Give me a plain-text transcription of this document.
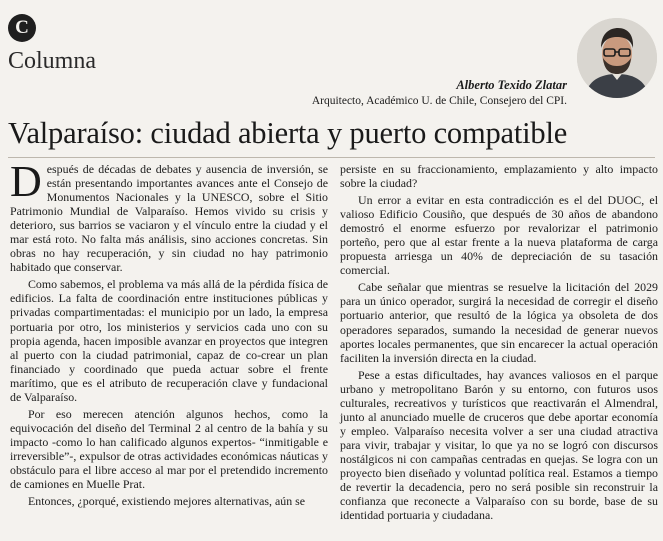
C
Columna
Alberto Texido Zlatar
Arquitecto, Académico U. de Chile, Consejero del CPI.
Valparaíso: ciudad abierta y puerto compatible

Después de décadas de debates y ausencia de inversión, se están presentando importantes avances ante el Consejo de Monumentos Nacionales y la UNESCO, sobre el Sitio Patrimonio Mundial de Valparaíso. Hemos vivido su crisis y deterioro, sus barrios se vaciaron y el vínculo entre la ciudad y el mar está roto. No falta más análisis, sino acciones concretas. Sin obras no hay recuperación, y sin ciudad no hay patrimonio habitado que conservar.

Como sabemos, el problema va más allá de la pérdida física de edificios. La falta de coordinación entre instituciones públicas y privadas compartimentadas: el municipio por un lado, la empresa portuaria por otro, los ministerios y servicios cada uno con su propia agenda, hacen imposible avanzar en proyectos que integren al puerto con la ciudad patrimonial, capaz de co-crear un plan financiado y coordinado que pueda actuar sobre el frente marítimo, que es el atributo de recuperación clave y fundacional de Valparaíso.

Por eso merecen atención algunos hechos, como la equivocación del diseño del Terminal 2 al centro de la bahía y su impacto -como lo han calificado algunos expertos- “inmitigable e irreversible”-, expulsor de otras actividades económicas náuticas y obstáculo para el libre acceso al mar por el pretendido incremento de camiones en Muelle Prat.

Entonces, ¿porqué, existiendo mejores alternativas, aún se

persiste en su fraccionamiento, emplazamiento y alto impacto sobre la ciudad?

Un error a evitar en esta contradicción es el del DUOC, el valioso Edificio Cousiño, que después de 30 años de abandono demostró el enorme esfuerzo por revalorizar el patrimonio porteño, pero que al estar frente a la nueva plataforma de carga propuesta arriesga un 40% de depreciación de su tasación comercial.

Cabe señalar que mientras se resuelve la licitación del 2029 para un único operador, surgirá la necesidad de corregir el diseño portuario anterior, que resultó de la lógica ya obsoleta de dos operadores separados, sumando la necesidad de generar nuevos aportes locales permanentes, que sin encarecer la actual operación faciliten la inversión directa en la ciudad.

Pese a estas dificultades, hay avances valiosos en el parque urbano y metropolitano Barón y su entorno, con futuros usos culturales, recreativos y turísticos que reactivarán el Almendral, junto al anunciado muelle de cruceros que debe aportar economía y empleo. Valparaíso necesita volver a ser una ciudad atractiva para vivir, trabajar y visitar, lo que ya no se logró con discursos nostálgicos ni con campañas centradas en quejas. Se logra con un proyecto bien diseñado y voluntad política real. Estamos a tiempo de revertir la decadencia, pero no será posible sin reconstruir la confianza que reconecte a Valparaíso con su borde, base de su identidad portuaria y ciudadana.
